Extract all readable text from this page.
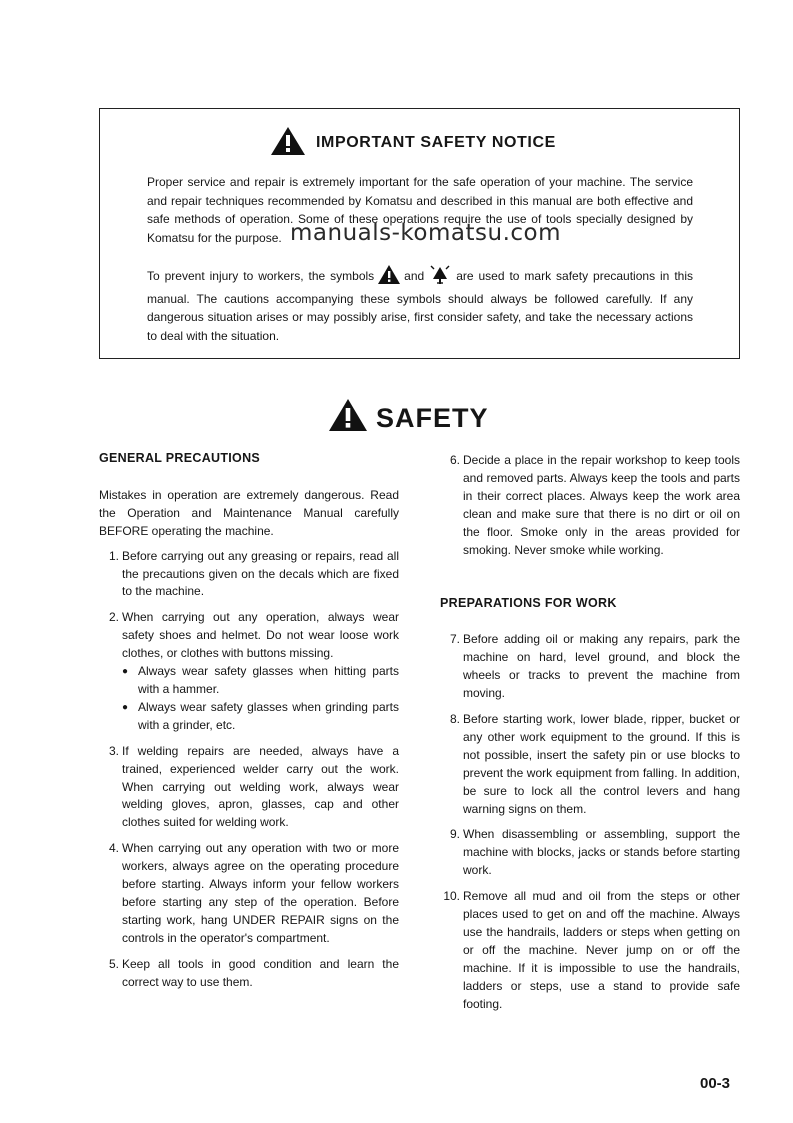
IMPORTANT SAFETY NOTICE

Proper service and repair is extremely important for the safe operation of your machine. The service and repair techniques recommended by Komatsu and described in this manual are both effective and safe methods of operation. Some of these operations require the use of tools specially designed by Komatsu for the purpose.

To prevent injury to workers, the symbols	and	are used to mark safety precautions in this manual. The cautions accompanying these symbols should always be followed carefully. If any dangerous situation arises or may possibly arise, first consider safety, and take the necessary actions to deal with the situation.

manuals-komatsu.com
SAFETY
GENERAL PRECAUTIONS

Mistakes in operation are extremely dangerous. Read the Operation and Maintenance Manual carefully BEFORE operating the machine.

1. Before carrying out any greasing or repairs, read all the precautions given on the decals which are fixed to the machine.
2. When carrying out any operation, always wear safety shoes and helmet. Do not wear loose work clothes, or clothes with buttons missing.
● Always wear safety glasses when hitting parts with a hammer.
● Always wear safety glasses when grinding parts with a grinder, etc.
3. If welding repairs are needed, always have a trained, experienced welder carry out the work. When carrying out welding work, always wear welding gloves, apron, glasses, cap and other clothes suited for welding work.
4. When carrying out any operation with two or more workers, always agree on the operating procedure before starting. Always inform your fellow workers before starting any step of the operation. Before starting work, hang UNDER REPAIR signs on the controls in the operator's compartment.
5. Keep all tools in good condition and learn the correct way to use them.
6. Decide a place in the repair workshop to keep tools and removed parts. Always keep the tools and parts in their correct places. Always keep the work area clean and make sure that there is no dirt or oil on the floor. Smoke only in the areas provided for smoking. Never smoke while working.
PREPARATIONS FOR WORK
7. Before adding oil or making any repairs, park the machine on hard, level ground, and block the wheels or tracks to prevent the machine from moving.
8. Before starting work, lower blade, ripper, bucket or any other work equipment to the ground. If this is not possible, insert the safety pin or use blocks to prevent the work equipment from falling. In addition, be sure to lock all the control levers and hang warning signs on them.
9. When disassembling or assembling, support the machine with blocks, jacks or stands before starting work.
10. Remove all mud and oil from the steps or other places used to get on and off the machine. Always use the handrails, ladders or steps when getting on or off the machine. Never jump on or off the machine. If it is impossible to use the handrails, ladders or steps, use a stand to provide safe footing.
00-3
